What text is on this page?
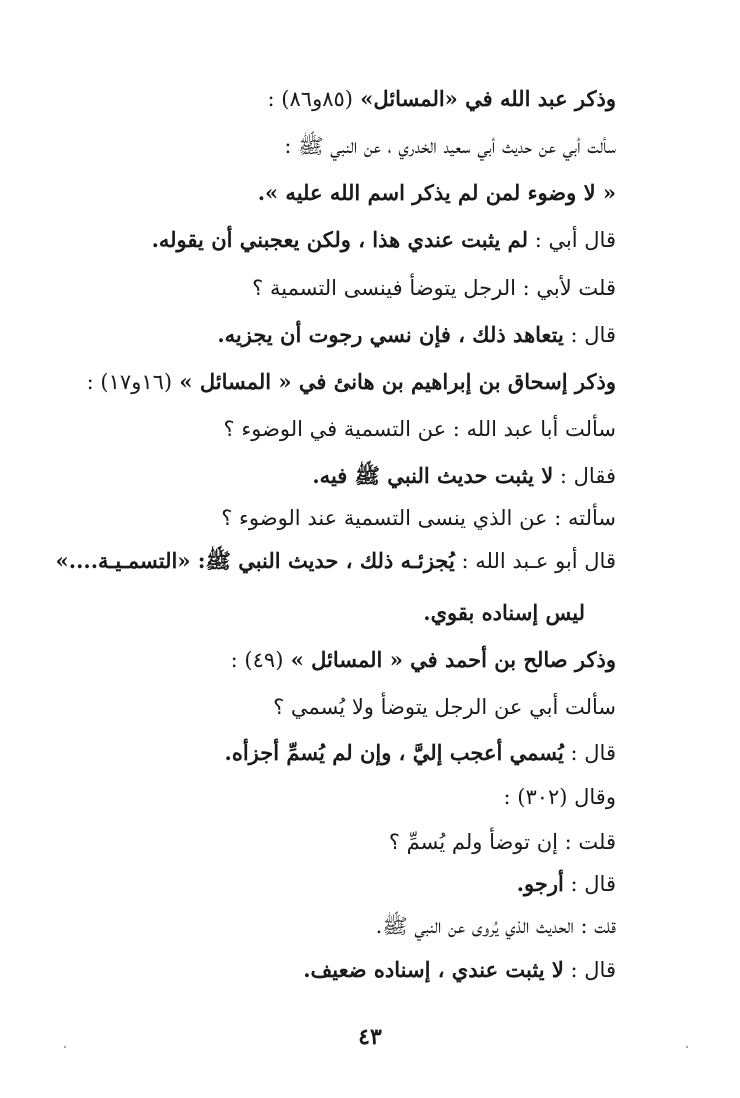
وذكر عبد الله في «المسائل» (٨٥و٨٦) :
سألت أبي عن حديث أبي سعيد الخدري ، عن النبي ﷺ :
« لا وضوء لمن لم يذكر اسم الله عليه ».
قال أبي : لم يثبت عندي هذا ، ولكن يعجبني أن يقوله.
قلت لأبي : الرجل يتوضأ فينسى التسمية ؟
قال : يتعاهد ذلك ، فإن نسي رجوت أن يجزيه.
وذكر إسحاق بن إبراهيم بن هانئ في « المسائل » (١٦و١٧) :
سألت أبا عبد الله : عن التسمية في الوضوء ؟
فقال : لا يثبت حديث النبي ﷺ فيه.
سألته : عن الذي ينسى التسمية عند الوضوء ؟
قال أبو عـبد الله : يُجزئـه ذلك ، حديث النبي ﷺ: «التسمـيـة....»
ليس إسناده بقوي.
وذكر صالح بن أحمد في « المسائل » (٤٩) :
سألت أبي عن الرجل يتوضأ ولا يُسمي ؟
قال : يُسمي أعجب إليَّ ، وإن لم يُسمِّ أجزأه.
وقال (٣٠٢) :
قلت : إن توضأ ولم يُسمِّ ؟
قال : أرجو.
قلت : الحديث الذي يُروى عن النبي ﷺ.
قال : لا يثبت عندي ، إسناده ضعيف.
٤٣
